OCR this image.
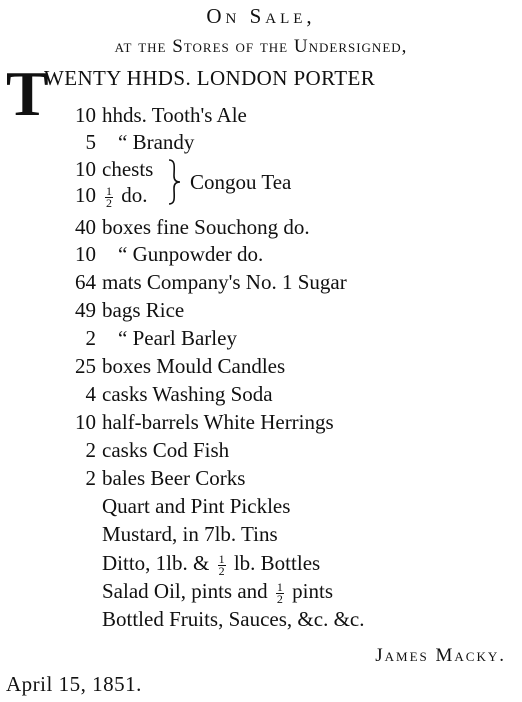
On Sale,
at the Stores of the Undersigned,
T
WENTY HHDS. LONDON PORTER
10 hhds. Tooth's Ale
5 “ Brandy
10 chests
$10 \frac{1}{2}$ do.
Congou Tea
40 boxes fine Souchong do.
10 “ Gunpowder do.
64 mats Company's No. 1 Sugar
49 bags Rice
2 “ Pearl Barley
25 boxes Mould Candles
4 casks Washing Soda
10 half-barrels White Herrings
2 casks Cod Fish
2 bales Beer Corks
Quart and Pint Pickles
Mustard, in 7lb. Tins
Ditto, 1lb. & $\frac{1}{2}$ lb. Bottles
Salad Oil, pints and $\frac{1}{2}$ pints
Bottled Fruits, Sauces, &c. &c.
James Macky.
April 15, 1851.
